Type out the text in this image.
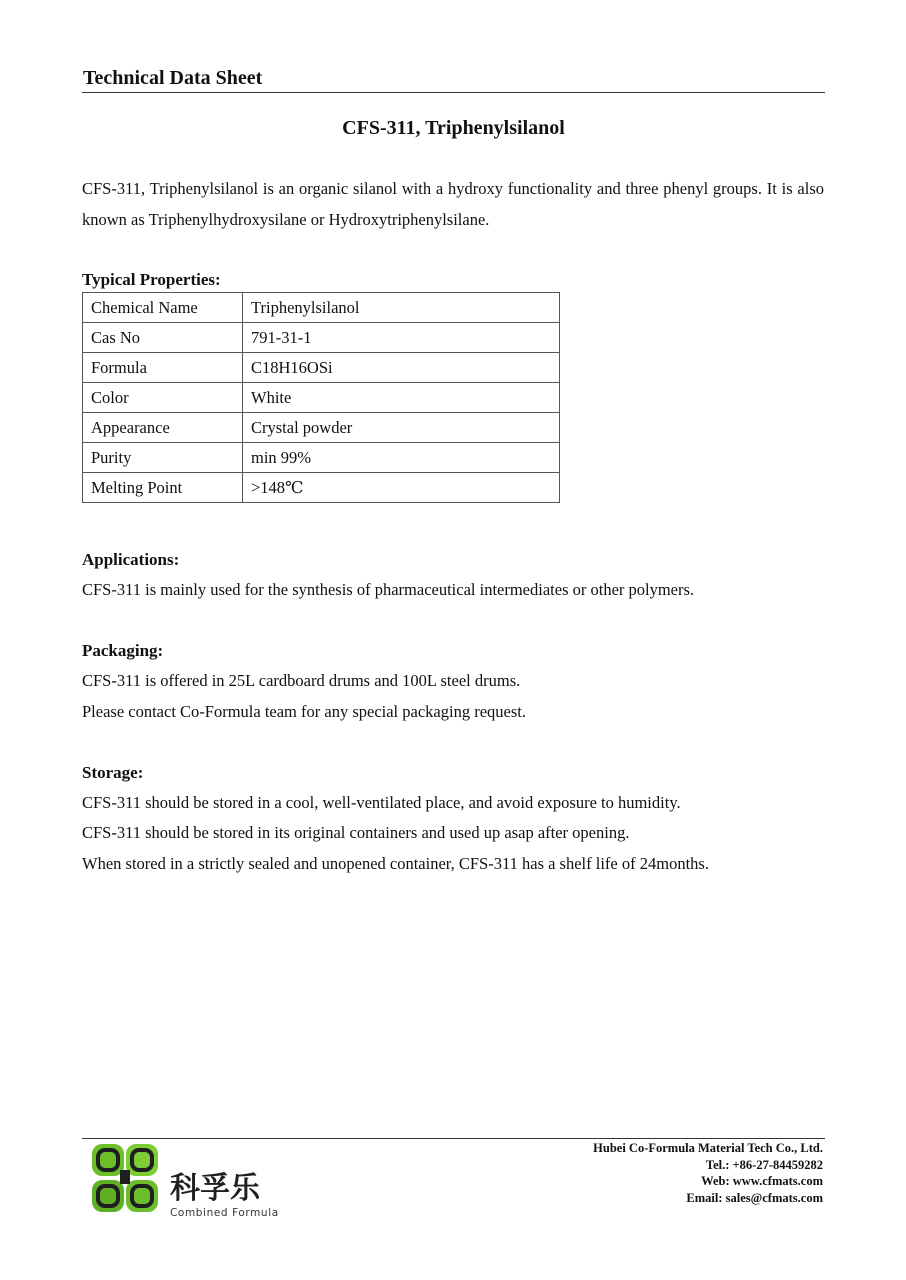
Technical Data Sheet
CFS-311, Triphenylsilanol
CFS-311, Triphenylsilanol is an organic silanol with a hydroxy functionality and three phenyl groups. It is also known as Triphenylhydroxysilane or Hydroxytriphenylsilane.
Typical Properties:
Chemical Name	Triphenylsilanol
Cas No	791-31-1
Formula	C18H16OSi
Color	White
Appearance	Crystal powder
Purity	min 99%
Melting Point	>148℃
Applications:
CFS-311 is mainly used for the synthesis of pharmaceutical intermediates or other polymers.
Packaging:
CFS-311 is offered in 25L cardboard drums and 100L steel drums.
Please contact Co-Formula team for any special packaging request.
Storage:
CFS-311 should be stored in a cool, well-ventilated place, and avoid exposure to humidity.
CFS-311 should be stored in its original containers and used up asap after opening.
When stored in a strictly sealed and unopened container, CFS-311 has a shelf life of 24months.
科孚乐
Combined Formula
Hubei Co-Formula Material Tech Co., Ltd.
Tel.: +86-27-84459282
Web: www.cfmats.com
Email: sales@cfmats.com
